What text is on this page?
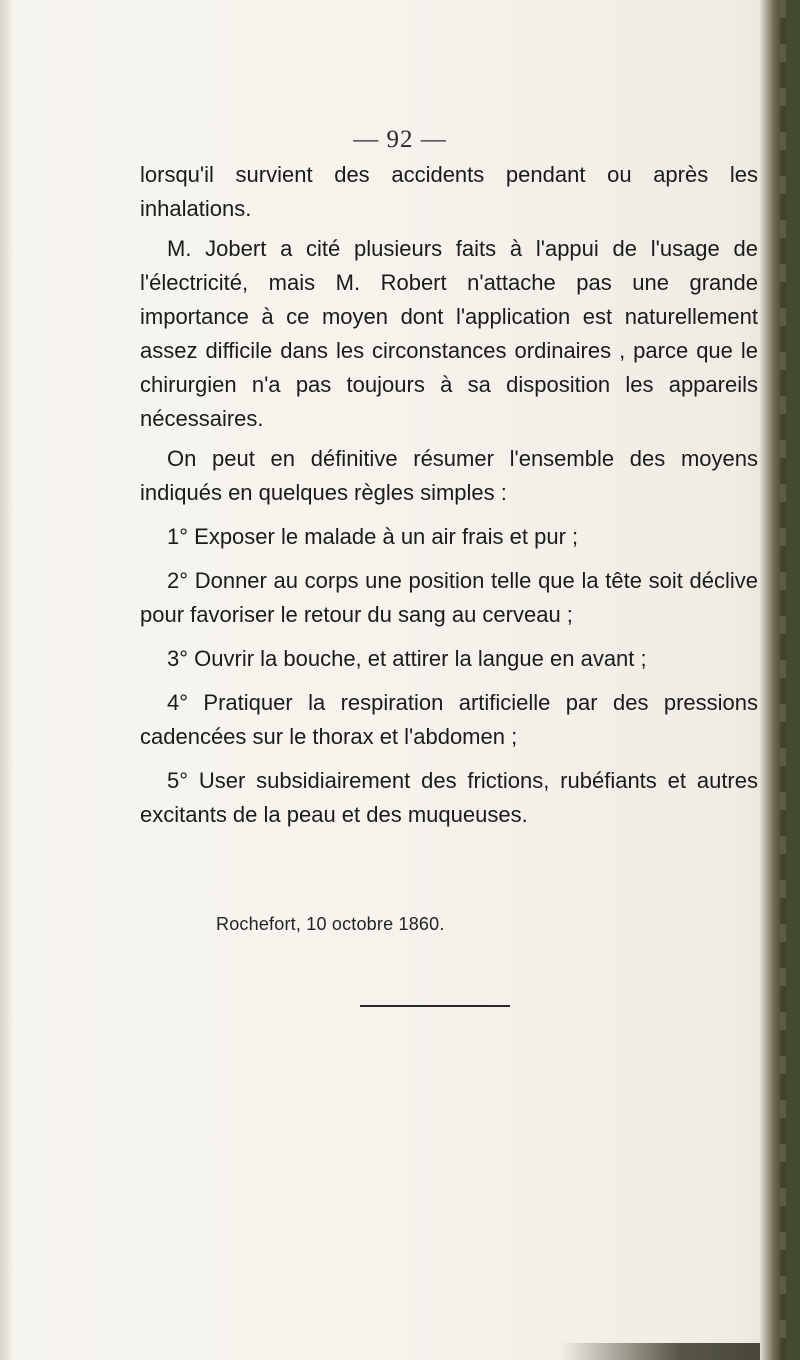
— 92 —

lorsqu'il survient des accidents pendant ou après les inhalations.

M. Jobert a cité plusieurs faits à l'appui de l'usage de l'électricité, mais M. Robert n'attache pas une grande importance à ce moyen dont l'application est naturellement assez difficile dans les circonstances ordinaires , parce que le chirurgien n'a pas toujours à sa disposition les appareils nécessaires.

On peut en définitive résumer l'ensemble des moyens indiqués en quelques règles simples :

1° Exposer le malade à un air frais et pur ;

2° Donner au corps une position telle que la tête soit déclive pour favoriser le retour du sang au cerveau ;

3° Ouvrir la bouche, et attirer la langue en avant ;

4° Pratiquer la respiration artificielle par des pressions cadencées sur le thorax et l'abdomen ;

5° User subsidiairement des frictions, rubéfiants et autres excitants de la peau et des muqueuses.

Rochefort, 10 octobre 1860.
